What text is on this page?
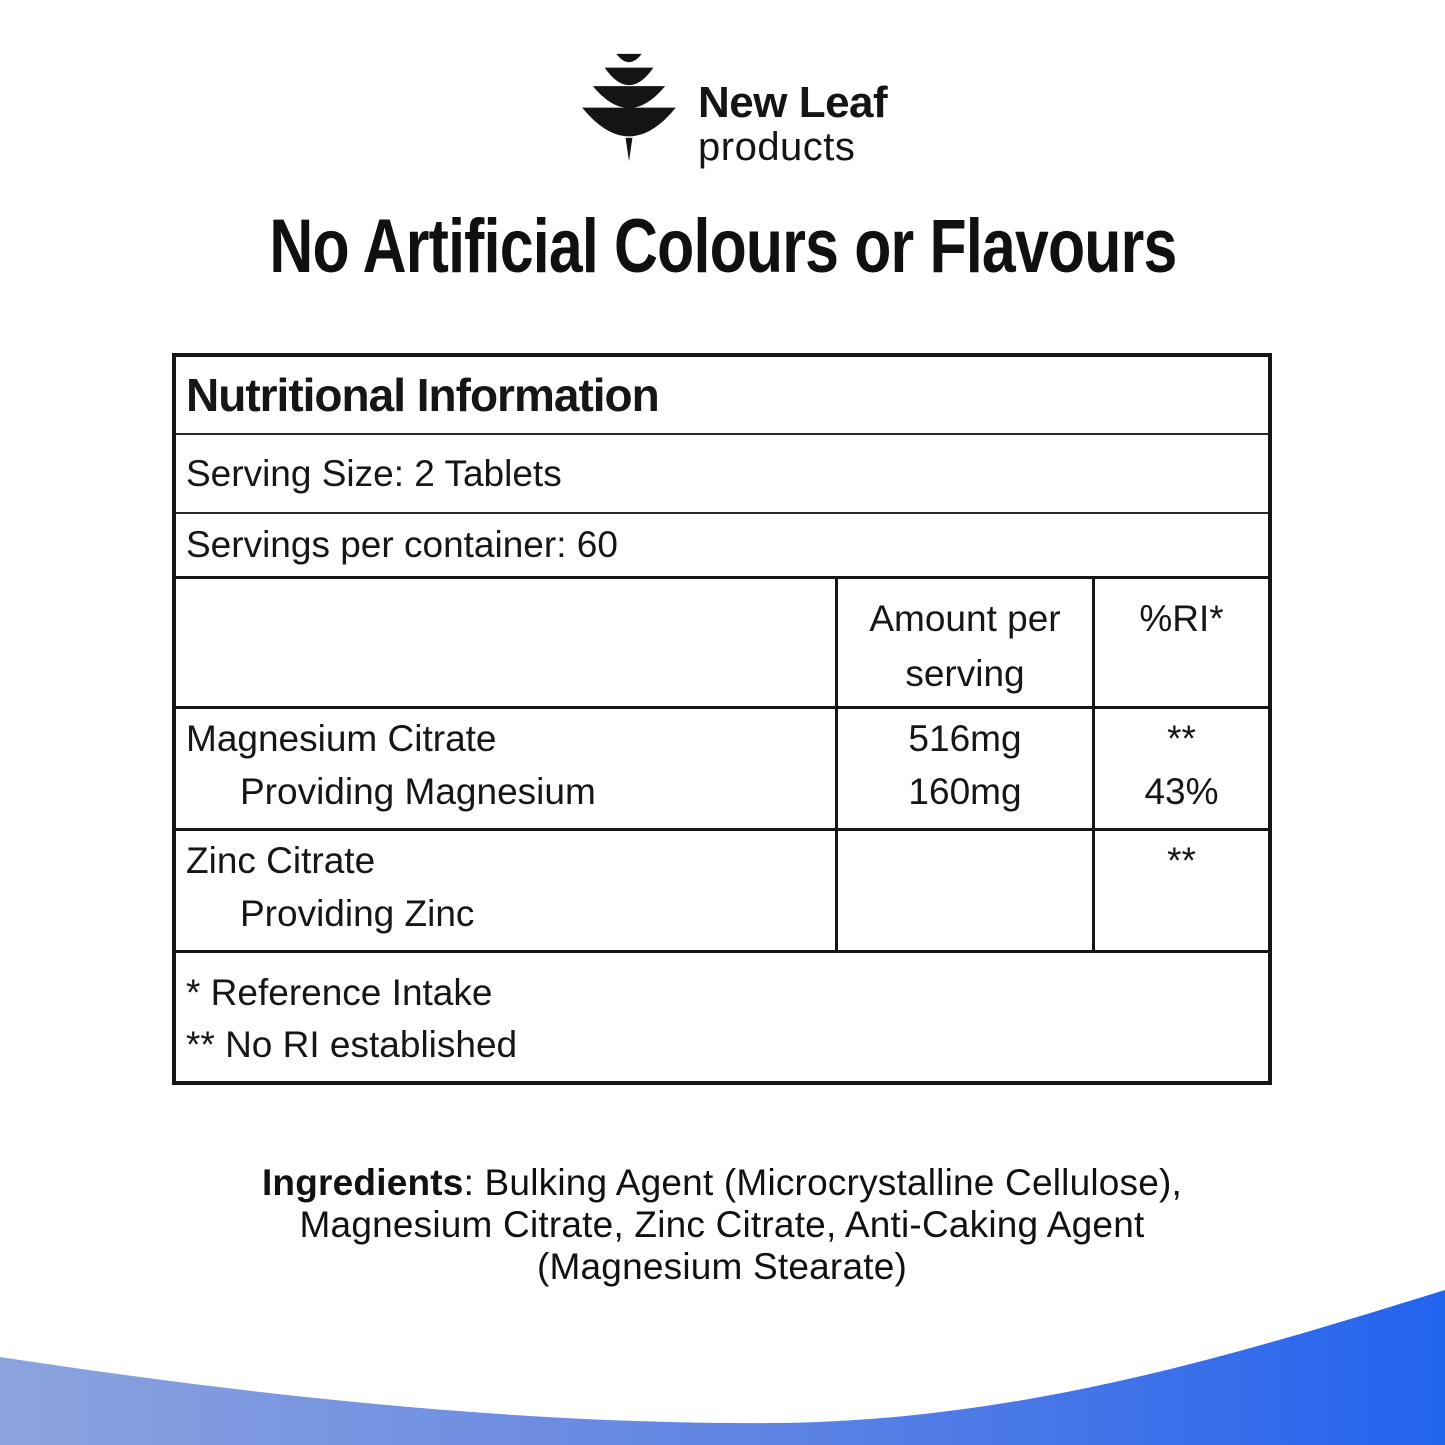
New Leaf
products
No Artificial Colours or Flavours
Nutritional Information
Serving Size: 2 Tablets
Servings per container: 60
Amount per serving
%RI*
Magnesium Citrate
Providing Magnesium
516mg
160mg
**
43%
Zinc Citrate
Providing Zinc
**
* Reference Intake
** No RI established

Ingredients: Bulking Agent (Microcrystalline Cellulose), Magnesium Citrate, Zinc Citrate, Anti-Caking Agent (Magnesium Stearate)
